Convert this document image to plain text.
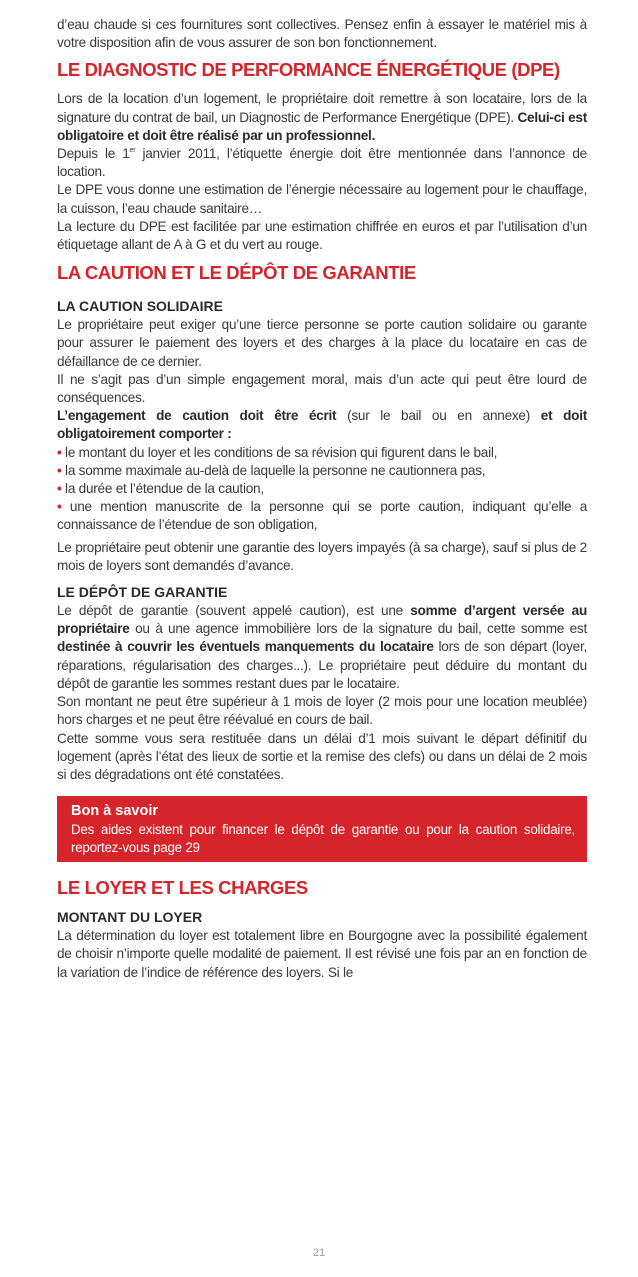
d’eau chaude si ces fournitures sont collectives. Pensez enfin à essayer le matériel mis à votre disposition afin de vous assurer de son bon fonctionnement.

LE DIAGNOSTIC DE PERFORMANCE ÉNERGÉTIQUE (DPE)

Lors de la location d’un logement, le propriétaire doit remettre à son locataire, lors de la signature du contrat de bail, un Diagnostic de Performance Energétique (DPE). Celui-ci est obligatoire et doit être réalisé par un professionnel.

Depuis le 1er janvier 2011, l’étiquette énergie doit être mentionnée dans l’annonce de location.

Le DPE vous donne une estimation de l’énergie nécessaire au logement pour le chauffage, la cuisson, l’eau chaude sanitaire…

La lecture du DPE est facilitée par une estimation chiffrée en euros et par l’utilisation d’un étiquetage allant de A à G et du vert au rouge.

LA CAUTION ET LE DÉPÔT DE GARANTIE
LA CAUTION SOLIDAIRE

Le propriétaire peut exiger qu’une tierce personne se porte caution solidaire ou garante pour assurer le paiement des loyers et des charges à la place du locataire en cas de défaillance de ce dernier.

Il ne s’agit pas d’un simple engagement moral, mais d’un acte qui peut être lourd de conséquences.

L’engagement de caution doit être écrit (sur le bail ou en annexe) et doit obligatoirement comporter :

• le montant du loyer et les conditions de sa révision qui figurent dans le bail,

• la somme maximale au-delà de laquelle la personne ne cautionnera pas,

• la durée et l’étendue de la caution,

• une mention manuscrite de la personne qui se porte caution, indiquant qu’elle a connaissance de l’étendue de son obligation,

Le propriétaire peut obtenir une garantie des loyers impayés (à sa charge), sauf si plus de 2 mois de loyers sont demandés d’avance.

LE DÉPÔT DE GARANTIE

Le dépôt de garantie (souvent appelé caution), est une somme d’argent versée au propriétaire ou à une agence immobilière lors de la signature du bail, cette somme est destinée à couvrir les éventuels manquements du locataire lors de son départ (loyer, réparations, régularisation des charges...). Le propriétaire peut déduire du montant du dépôt de garantie les sommes restant dues par le locataire.

Son montant ne peut être supérieur à 1 mois de loyer (2 mois pour une location meublée) hors charges et ne peut être réévalué en cours de bail.

Cette somme vous sera restituée dans un délai d’1 mois suivant le départ définitif du logement (après l’état des lieux de sortie et la remise des clefs) ou dans un délai de 2 mois si des dégradations ont été constatées.

Bon à savoir

Des aides existent pour financer le dépôt de garantie ou pour la caution solidaire, reportez-vous page 29

LE LOYER ET LES CHARGES
MONTANT DU LOYER

La détermination du loyer est totalement libre en Bourgogne avec la possibilité également de choisir n’importe quelle modalité de paiement. Il est révisé une fois par an en fonction de la variation de l’indice de référence des loyers. Si le

21
